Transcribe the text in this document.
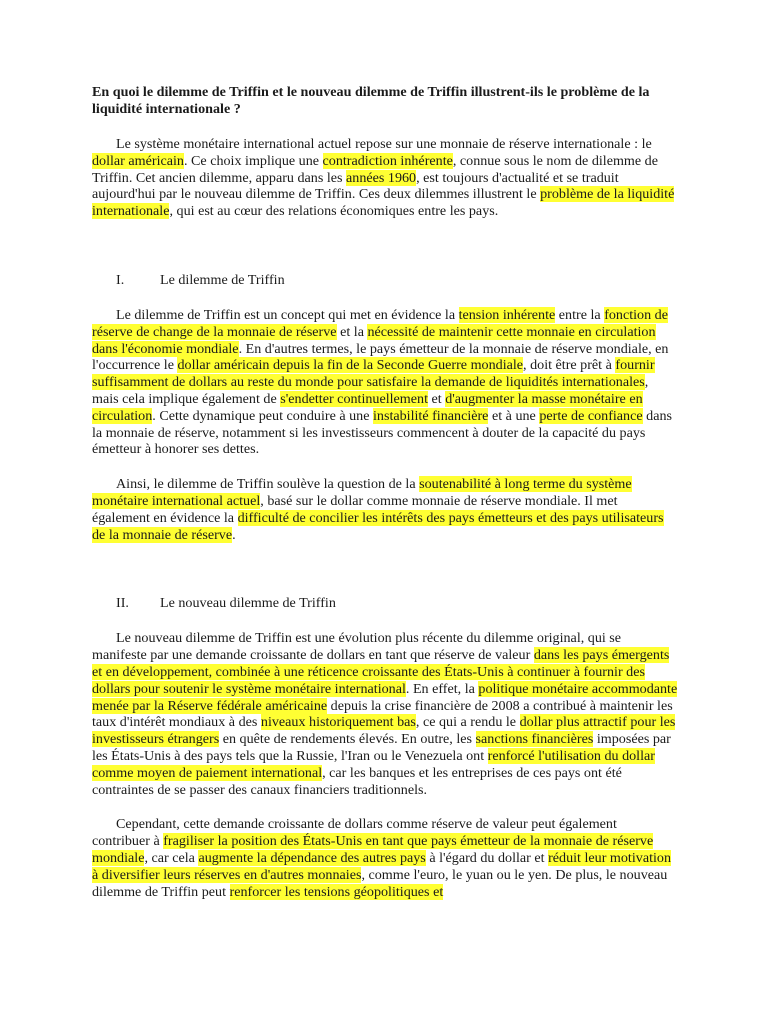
En quoi le dilemme de Triffin et le nouveau dilemme de Triffin illustrent-ils le problème de la liquidité internationale ?

Le système monétaire international actuel repose sur une monnaie de réserve internationale : le dollar américain. Ce choix implique une contradiction inhérente, connue sous le nom de dilemme de Triffin. Cet ancien dilemme, apparu dans les années 1960, est toujours d'actualité et se traduit aujourd'hui par le nouveau dilemme de Triffin. Ces deux dilemmes illustrent le problème de la liquidité internationale, qui est au cœur des relations économiques entre les pays.

I.	Le dilemme de Triffin

Le dilemme de Triffin est un concept qui met en évidence la tension inhérente entre la fonction de réserve de change de la monnaie de réserve et la nécessité de maintenir cette monnaie en circulation dans l'économie mondiale. En d'autres termes, le pays émetteur de la monnaie de réserve mondiale, en l'occurrence le dollar américain depuis la fin de la Seconde Guerre mondiale, doit être prêt à fournir suffisamment de dollars au reste du monde pour satisfaire la demande de liquidités internationales, mais cela implique également de s'endetter continuellement et d'augmenter la masse monétaire en circulation. Cette dynamique peut conduire à une instabilité financière et à une perte de confiance dans la monnaie de réserve, notamment si les investisseurs commencent à douter de la capacité du pays émetteur à honorer ses dettes.

Ainsi, le dilemme de Triffin soulève la question de la soutenabilité à long terme du système monétaire international actuel, basé sur le dollar comme monnaie de réserve mondiale. Il met également en évidence la difficulté de concilier les intérêts des pays émetteurs et des pays utilisateurs de la monnaie de réserve.

II.	Le nouveau dilemme de Triffin

Le nouveau dilemme de Triffin est une évolution plus récente du dilemme original, qui se manifeste par une demande croissante de dollars en tant que réserve de valeur dans les pays émergents et en développement, combinée à une réticence croissante des États-Unis à continuer à fournir des dollars pour soutenir le système monétaire international. En effet, la politique monétaire accommodante menée par la Réserve fédérale américaine depuis la crise financière de 2008 a contribué à maintenir les taux d'intérêt mondiaux à des niveaux historiquement bas, ce qui a rendu le dollar plus attractif pour les investisseurs étrangers en quête de rendements élevés. En outre, les sanctions financières imposées par les États-Unis à des pays tels que la Russie, l'Iran ou le Venezuela ont renforcé l'utilisation du dollar comme moyen de paiement international, car les banques et les entreprises de ces pays ont été contraintes de se passer des canaux financiers traditionnels.

Cependant, cette demande croissante de dollars comme réserve de valeur peut également contribuer à fragiliser la position des États-Unis en tant que pays émetteur de la monnaie de réserve mondiale, car cela augmente la dépendance des autres pays à l'égard du dollar et réduit leur motivation à diversifier leurs réserves en d'autres monnaies, comme l'euro, le yuan ou le yen. De plus, le nouveau dilemme de Triffin peut renforcer les tensions géopolitiques et
